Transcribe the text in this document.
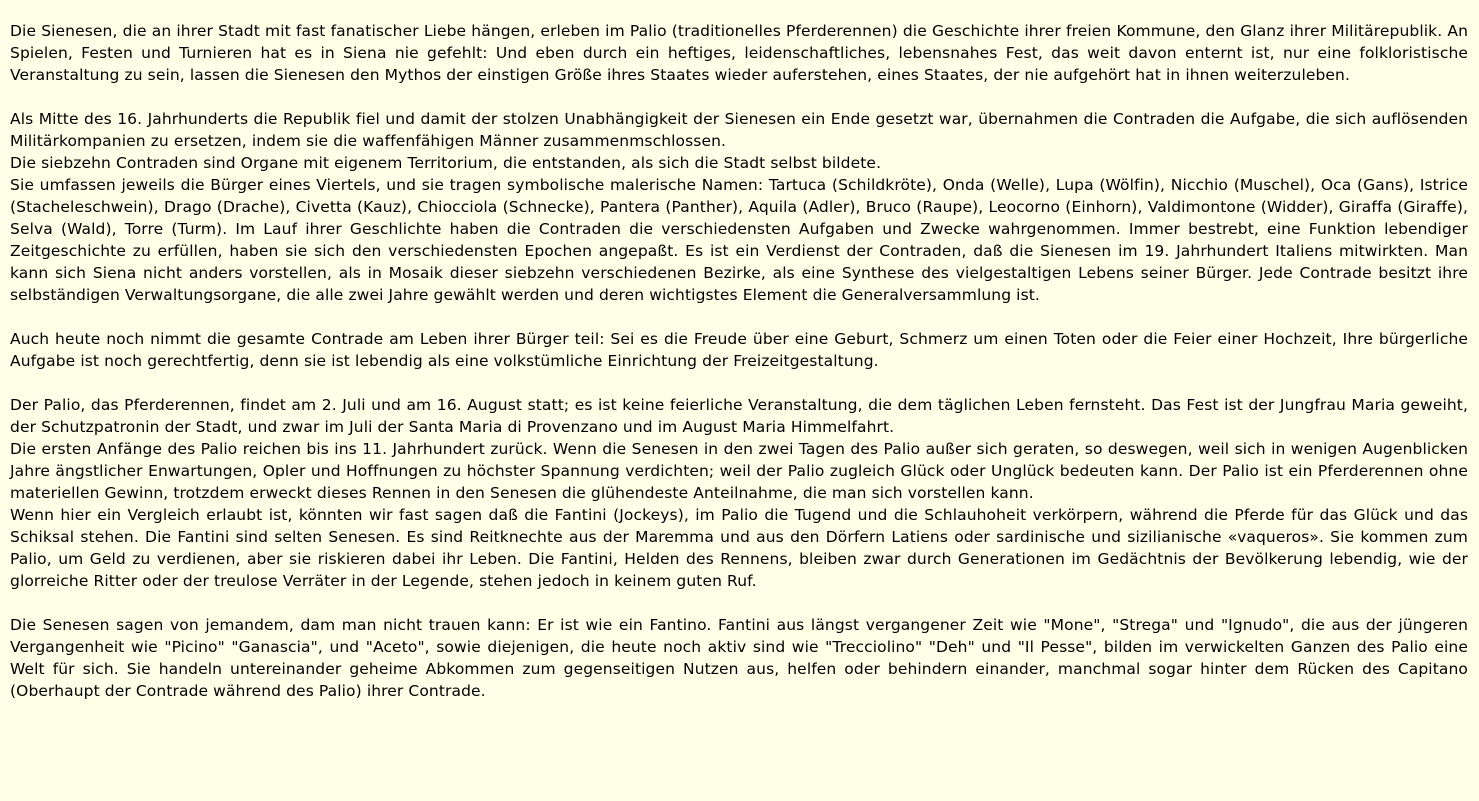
Die Sienesen, die an ihrer Stadt mit fast fanatischer Liebe hängen, erleben im Palio (traditionelles Pferderennen) die Geschichte ihrer freien Kommune, den Glanz ihrer Militärepublik. An Spielen, Festen und Turnieren hat es in Siena nie gefehlt: Und eben durch ein heftiges, leidenschaftliches, lebensnahes Fest, das weit davon enternt ist, nur eine folkloristische Veranstaltung zu sein, lassen die Sienesen den Mythos der einstigen Größe ihres Staates wieder auferstehen, eines Staates, der nie aufgehört hat in ihnen weiterzuleben.
Als Mitte des 16. Jahrhunderts die Republik fiel und damit der stolzen Unabhängigkeit der Sienesen ein Ende gesetzt war, übernahmen die Contraden die Aufgabe, die sich auflösenden Militärkompanien zu ersetzen, indem sie die waffenfähigen Männer zusammenmschlossen.
Die siebzehn Contraden sind Organe mit eigenem Territorium, die entstanden, als sich die Stadt selbst bildete.
Sie umfassen jeweils die Bürger eines Viertels, und sie tragen symbolische malerische Namen: Tartuca (Schildkröte), Onda (Welle), Lupa (Wölfin), Nicchio (Muschel), Oca (Gans), Istrice (Stacheleschwein), Drago (Drache), Civetta (Kauz), Chiocciola (Schnecke), Pantera (Panther), Aquila (Adler), Bruco (Raupe), Leocorno (Einhorn), Valdimontone (Widder), Giraffa (Giraffe), Selva (Wald), Torre (Turm). Im Lauf ihrer Geschlichte haben die Contraden die verschiedensten Aufgaben und Zwecke wahrgenommen. Immer bestrebt, eine Funktion lebendiger Zeitgeschichte zu erfüllen, haben sie sich den verschiedensten Epochen angepaßt. Es ist ein Verdienst der Contraden, daß die Sienesen im 19. Jahrhundert Italiens mitwirkten. Man kann sich Siena nicht anders vorstellen, als in Mosaik dieser siebzehn verschiedenen Bezirke, als eine Synthese des vielgestaltigen Lebens seiner Bürger. Jede Contrade besitzt ihre selbständigen Verwaltungsorgane, die alle zwei Jahre gewählt werden und deren wichtigstes Element die Generalversammlung ist.
Auch heute noch nimmt die gesamte Contrade am Leben ihrer Bürger teil: Sei es die Freude über eine Geburt, Schmerz um einen Toten oder die Feier einer Hochzeit, Ihre bürgerliche Aufgabe ist noch gerechtfertig, denn sie ist lebendig als eine volkstümliche Einrichtung der Freizeitgestaltung.
Der Palio, das Pferderennen, findet am 2. Juli und am 16. August statt; es ist keine feierliche Veranstaltung, die dem täglichen Leben fernsteht. Das Fest ist der Jungfrau Maria geweiht, der Schutzpatronin der Stadt, und zwar im Juli der Santa Maria di Provenzano und im August Maria Himmelfahrt.
Die ersten Anfänge des Palio reichen bis ins 11. Jahrhundert zurück. Wenn die Senesen in den zwei Tagen des Palio außer sich geraten, so deswegen, weil sich in wenigen Augenblicken Jahre ängstlicher Enwartungen, Opler und Hoffnungen zu höchster Spannung verdichten; weil der Palio zugleich Glück oder Unglück bedeuten kann. Der Palio ist ein Pferderennen ohne materiellen Gewinn, trotzdem erweckt dieses Rennen in den Senesen die glühendeste Anteilnahme, die man sich vorstellen kann.
Wenn hier ein Vergleich erlaubt ist, könnten wir fast sagen daß die Fantini (Jockeys), im Palio die Tugend und die Schlauhoheit verkörpern, während die Pferde für das Glück und das Schiksal stehen. Die Fantini sind selten Senesen. Es sind Reitknechte aus der Maremma und aus den Dörfern Latiens oder sardinische und sizilianische «vaqueros». Sie kommen zum Palio, um Geld zu verdienen, aber sie riskieren dabei ihr Leben. Die Fantini, Helden des Rennens, bleiben zwar durch Generationen im Gedächtnis der Bevölkerung lebendig, wie der glorreiche Ritter oder der treulose Verräter in der Legende, stehen jedoch in keinem guten Ruf.
Die Senesen sagen von jemandem, dam man nicht trauen kann: Er ist wie ein Fantino. Fantini aus längst vergangener Zeit wie "Mone", "Strega" und "Ignudo", die aus der jüngeren Vergangenheit wie "Picino" "Ganascia", und "Aceto", sowie diejenigen, die heute noch aktiv sind wie "Trecciolino" "Deh" und "Il Pesse", bilden im verwickelten Ganzen des Palio eine Welt für sich. Sie handeln untereinander geheime Abkommen zum gegenseitigen Nutzen aus, helfen oder behindern einander, manchmal sogar hinter dem Rücken des Capitano (Oberhaupt der Contrade während des Palio) ihrer Contrade.
